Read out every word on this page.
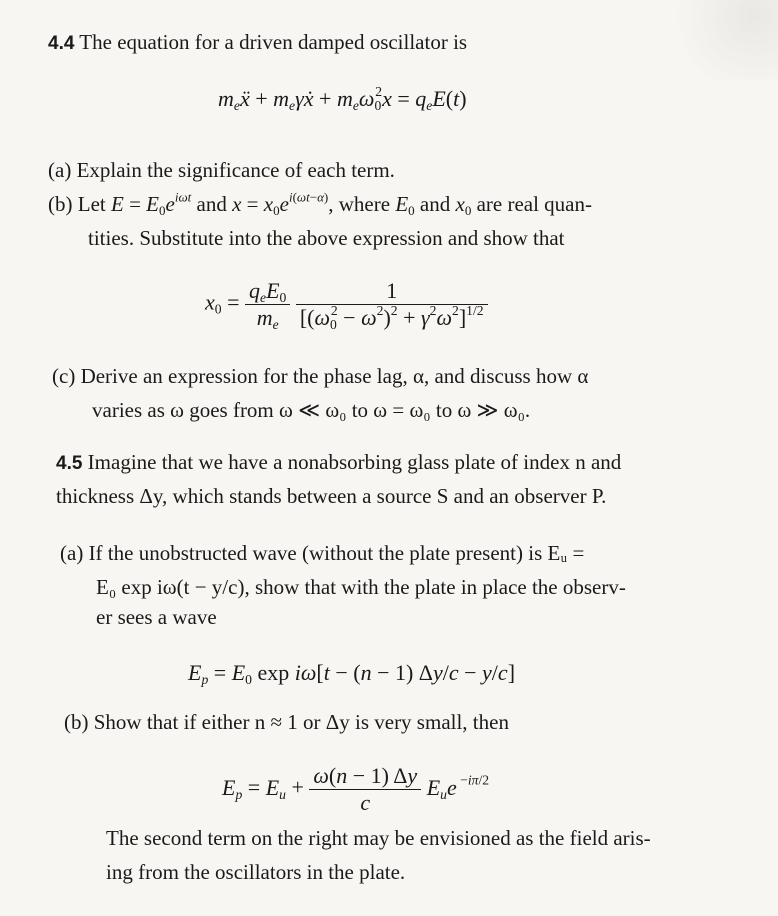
4.4 The equation for a driven damped oscillator is
$m_eẍ$ + $m_e\gamma ẋ + m_e\omega_0^2x = q_eE(t)$
(a) Explain the significance of each term.
(b) Let $E = E_0e^{i\omega t}$ and $x = x_0e^{i(\omega t-\alpha)}$, where $E_0$ and $x_0$ are real quan-
tities. Substitute into the above expression and show that
$x_0 = \frac{q_eE_0}{m_e}$
$\frac{1}{[(\omega_0^2 - \omega^2)^2 + \gamma^2\omega^2]^{1/2}}$
(c) Derive an expression for the phase lag, α, and discuss how α
varies as ω goes from ω ≪ ω₀ to ω = ω₀ to ω ≫ ω₀.
4.5 Imagine that we have a nonabsorbing glass plate of index n and
thickness Δy, which stands between a source S and an observer P.
(a) If the unobstructed wave (without the plate present) is Eᵤ =
E₀ exp iω(t − y/c), show that with the plate in place the observ-
er sees a wave
$E_p = E_0$ exp iω[t − (n − 1) Δy/c − y/c]
(b) Show that if either n ≈ 1 or Δy is very small, then
$E_p = E_u + \frac{\omega(n - 1) \Delta y}{c} E_ue$ $^{-i\pi/2}$
The second term on the right may be envisioned as the field aris-
ing from the oscillators in the plate.
